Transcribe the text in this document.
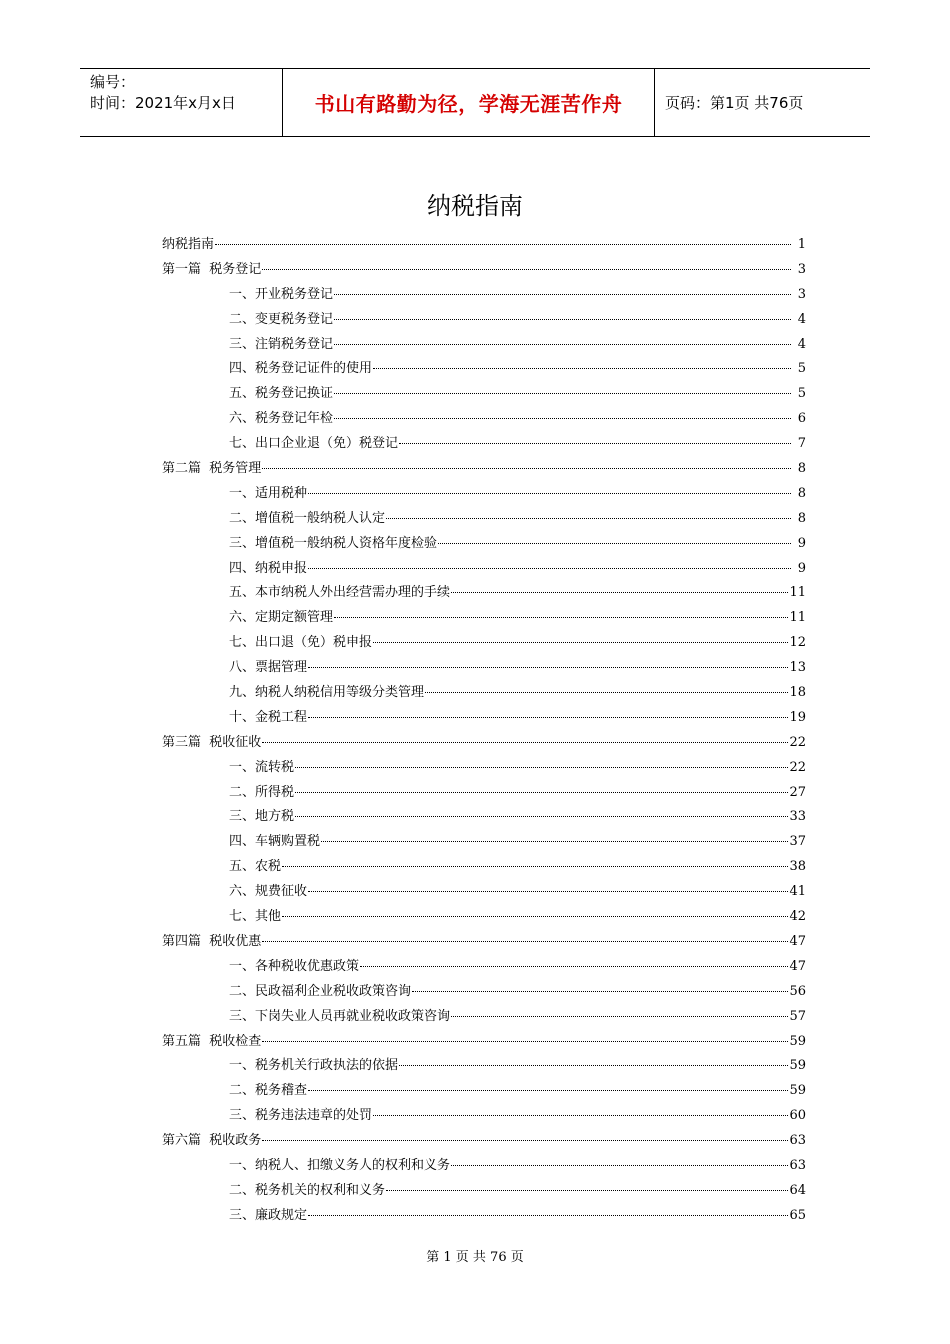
编号：
时间：2021年x月x日	书山有路勤为径，学海无涯苦作舟	页码：第1页 共76页
纳税指南
纳税指南	1
第一篇  税务登记	3
一、开业税务登记	3
二、变更税务登记	4
三、注销税务登记	4
四、税务登记证件的使用	5
五、税务登记换证	5
六、税务登记年检	6
七、出口企业退（免）税登记	7
第二篇  税务管理	8
一、适用税种	8
二、增值税一般纳税人认定	8
三、增值税一般纳税人资格年度检验	9
四、纳税申报	9
五、本市纳税人外出经营需办理的手续	11
六、定期定额管理	11
七、出口退（免）税申报	12
八、票据管理	13
九、纳税人纳税信用等级分类管理	18
十、金税工程	19
第三篇  税收征收	22
一、流转税	22
二、所得税	27
三、地方税	33
四、车辆购置税	37
五、农税	38
六、规费征收	41
七、其他	42
第四篇  税收优惠	47
一、各种税收优惠政策	47
二、民政福利企业税收政策咨询	56
三、下岗失业人员再就业税收政策咨询	57
第五篇  税收检查	59
一、税务机关行政执法的依据	59
二、税务稽查	59
三、税务违法违章的处罚	60
第六篇  税收政务	63
一、纳税人、扣缴义务人的权利和义务	63
二、税务机关的权利和义务	64
三、廉政规定	65
第 1 页 共 76 页
